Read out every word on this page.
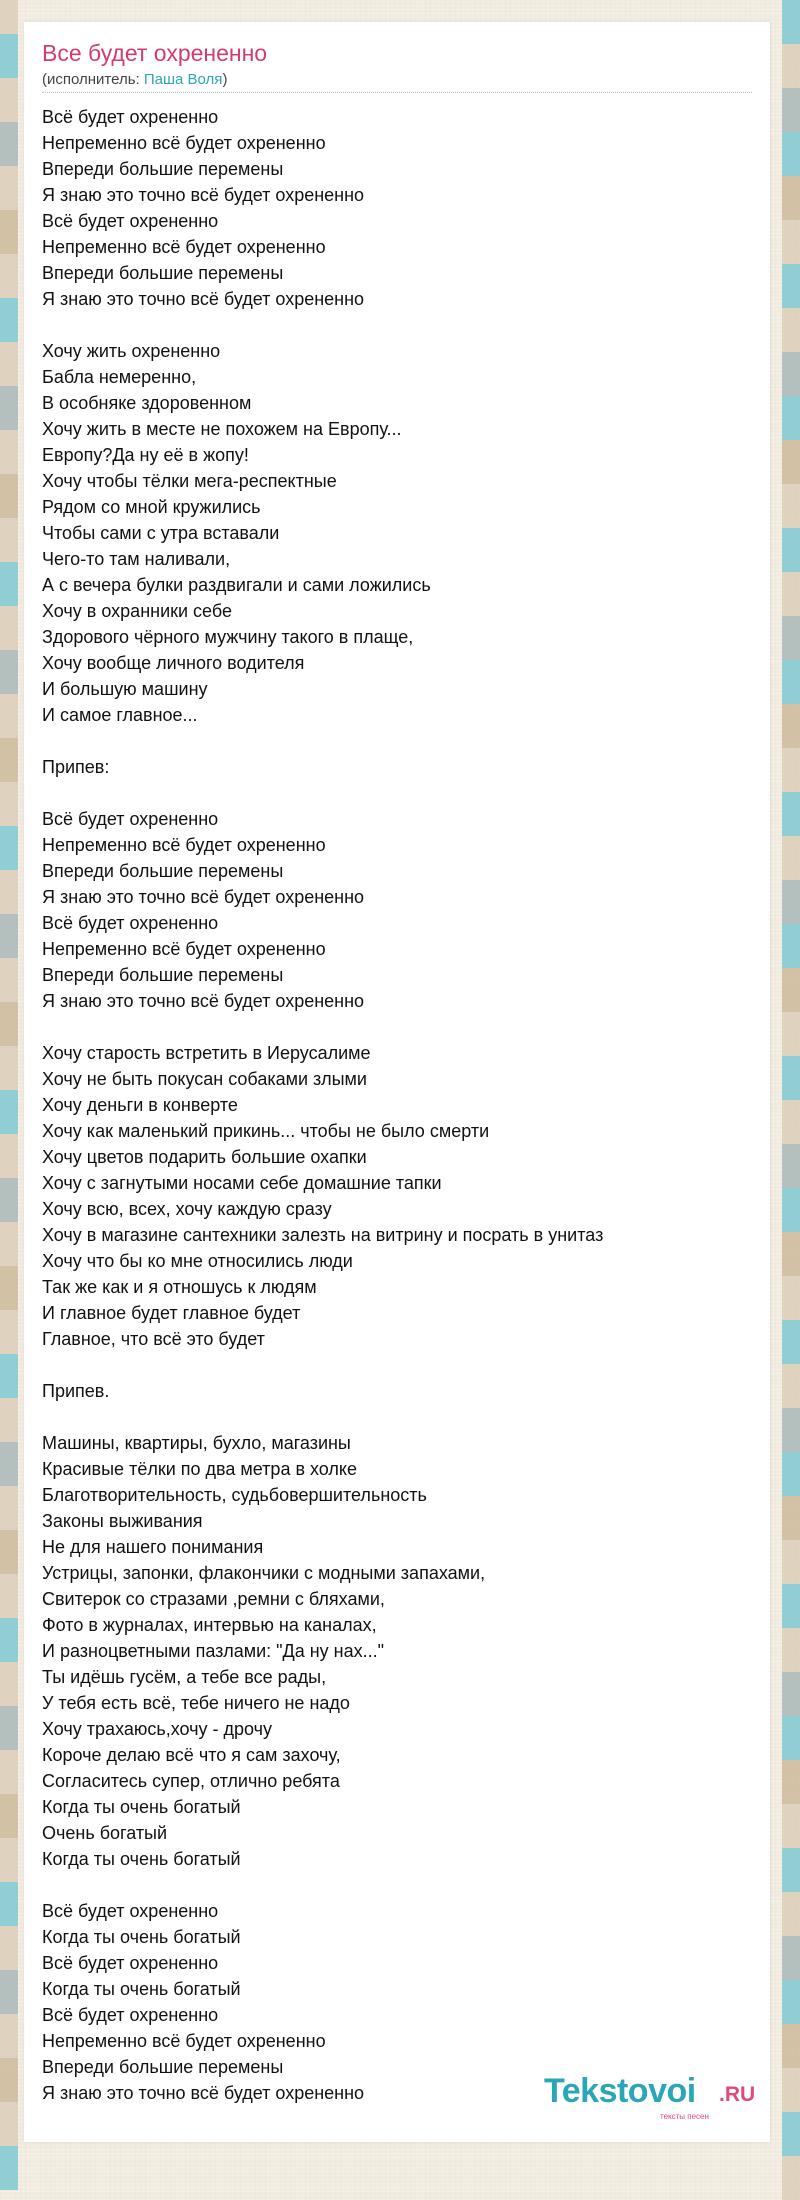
Все будет охрененно
(исполнитель: Паша Воля)
Всё будет охрененно
Непременно всё будет охрененно
Впереди большие перемены
Я знаю это точно всё будет охрененно
Всё будет охрененно
Непременно всё будет охрененно
Впереди большие перемены
Я знаю это точно всё будет охрененно
Хочу жить охрененно
Бабла немеренно,
В особняке здоровенном
Хочу жить в месте не похожем на Европу...
Европу?Да ну её в жопу!
Хочу чтобы тёлки мега-респектные
Рядом со мной кружились
Чтобы сами с утра вставали
Чего-то там наливали,
А с вечера булки раздвигали и сами ложились
Хочу в охранники себе
Здорового чёрного мужчину такого в плаще,
Хочу вообще личного водителя
И большую машину
И самое главное...
Припев:
Всё будет охрененно
Непременно всё будет охрененно
Впереди большие перемены
Я знаю это точно всё будет охрененно
Всё будет охрененно
Непременно всё будет охрененно
Впереди большие перемены
Я знаю это точно всё будет охрененно
Хочу старость встретить в Иерусалиме
Хочу не быть покусан собаками злыми
Хочу деньги в конверте
Хочу как маленький прикинь... чтобы не было смерти
Хочу цветов подарить большие охапки
Хочу с загнутыми носами себе домашние тапки
Хочу всю, всех, хочу каждую сразу
Хочу в магазине сантехники залезть на витрину и посрать в унитаз
Хочу что бы ко мне относились люди
Так же как и я отношусь к людям
И главное будет главное будет
Главное, что всё это будет
Припев.
Машины, квартиры, бухло, магазины
Красивые тёлки по два метра в холке
Благотворительность, судьбовершительность
Законы выживания
Не для нашего понимания
Устрицы, запонки, флакончики с модными запахами,
Свитерок со стразами ,ремни с бляхами,
Фото в журналах, интервью на каналах,
И разноцветными пазлами: "Да ну нах..."
Ты идёшь гусём, а тебе все рады,
У тебя есть всё, тебе ничего не надо
Хочу трахаюсь,хочу - дрочу
Короче делаю всё что я сам захочу,
Согласитесь супер, отлично ребята
Когда ты очень богатый
Очень богатый
Когда ты очень богатый
Всё будет охрененно
Когда ты очень богатый
Всё будет охрененно
Когда ты очень богатый
Всё будет охрененно
Непременно всё будет охрененно
Впереди большие перемены
Я знаю это точно всё будет охрененно	Tekstovoi .RU
тексты песен
